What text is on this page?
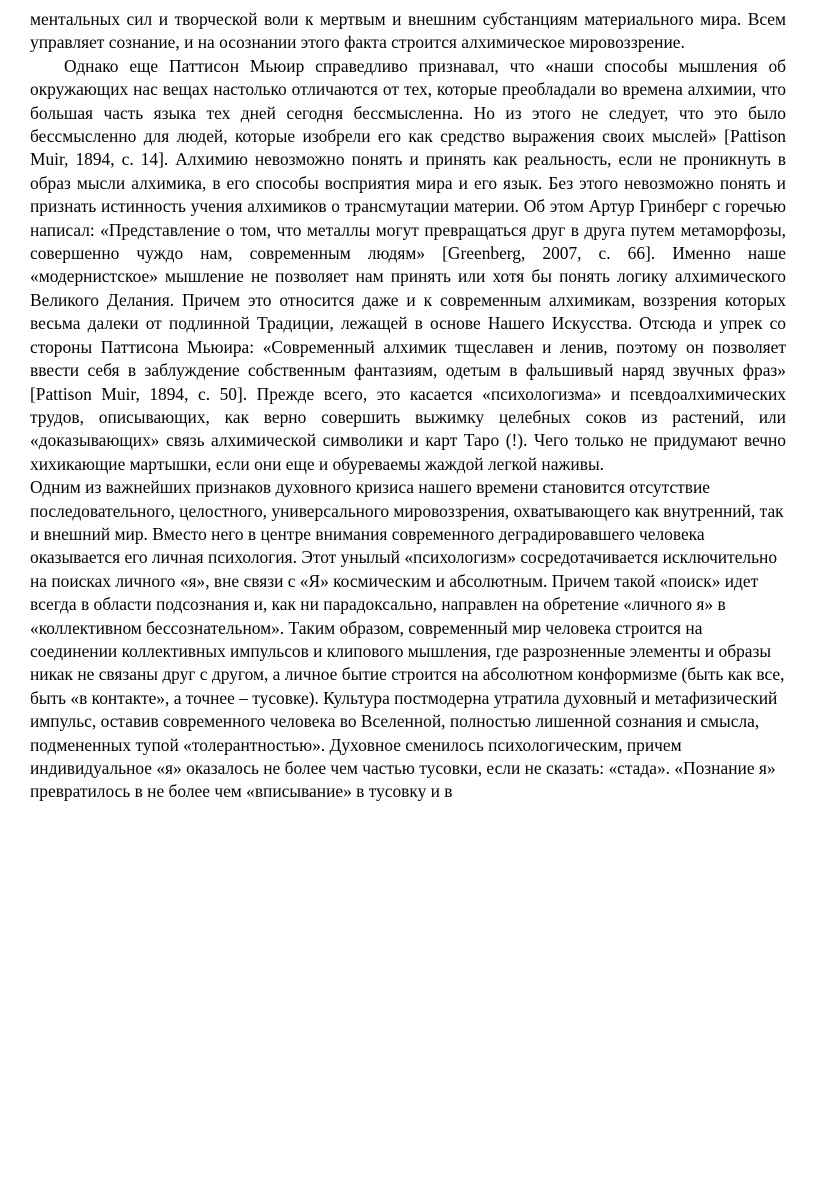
ментальных сил и творческой воли к мертвым и внешним субстанциям материального мира. Всем управляет сознание, и на осознании этого факта строится алхимическое мировоззрение.

Однако еще Паттисон Мьюир справедливо признавал, что «наши способы мышления об окружающих нас вещах настолько отличаются от тех, которые преобладали во времена алхимии, что большая часть языка тех дней сегодня бессмысленна. Но из этого не следует, что это было бессмысленно для людей, которые изобрели его как средство выражения своих мыслей» [Pattison Muir, 1894, с. 14]. Алхимию невозможно понять и принять как реальность, если не проникнуть в образ мысли алхимика, в его способы восприятия мира и его язык. Без этого невозможно понять и признать истинность учения алхимиков о трансмутации материи. Об этом Артур Гринберг с горечью написал: «Представление о том, что металлы могут превращаться друг в друга путем метаморфозы, совершенно чуждо нам, современным людям» [Greenberg, 2007, с. 66]. Именно наше «модернистское» мышление не позволяет нам принять или хотя бы понять логику алхимического Великого Делания. Причем это относится даже и к современным алхимикам, воззрения которых весьма далеки от подлинной Традиции, лежащей в основе Нашего Искусства. Отсюда и упрек со стороны Паттисона Мьюира: «Современный алхимик тщеславен и ленив, поэтому он позволяет ввести себя в заблуждение собственным фантазиям, одетым в фальшивый наряд звучных фраз» [Pattison Muir, 1894, с. 50]. Прежде всего, это касается «психологизма» и псевдоалхимических трудов, описывающих, как верно совершить выжимку целебных соков из растений, или «доказывающих» связь алхимической символики и карт Таро (!). Чего только не придумают вечно хихикающие мартышки, если они еще и обуреваемы жаждой легкой наживы.

Одним из важнейших признаков духовного кризиса нашего времени становится отсутствие последовательного, целостного, универсального мировоззрения, охватывающего как внутренний, так и внешний мир. Вместо него в центре внимания современного деградировавшего человека оказывается его личная психология. Этот унылый «психологизм» сосредотачивается исключительно на поисках личного «я», вне связи с «Я» космическим и абсолютным. Причем такой «поиск» идет всегда в области подсознания и, как ни парадоксально, направлен на обретение «личного я» в «коллективном бессознательном». Таким образом, современный мир человека строится на соединении коллективных импульсов и клипового мышления, где разрозненные элементы и образы никак не связаны друг с другом, а личное бытие строится на абсолютном конформизме (быть как все, быть «в контакте», а точнее – тусовке). Культура постмодерна утратила духовный и метафизический импульс, оставив современного человека во Вселенной, полностью лишенной сознания и смысла, подмененных тупой «толерантностью». Духовное сменилось психологическим, причем индивидуальное «я» оказалось не более чем частью тусовки, если не сказать: «стада». «Познание я» превратилось в не более чем «вписывание» в тусовку и в
